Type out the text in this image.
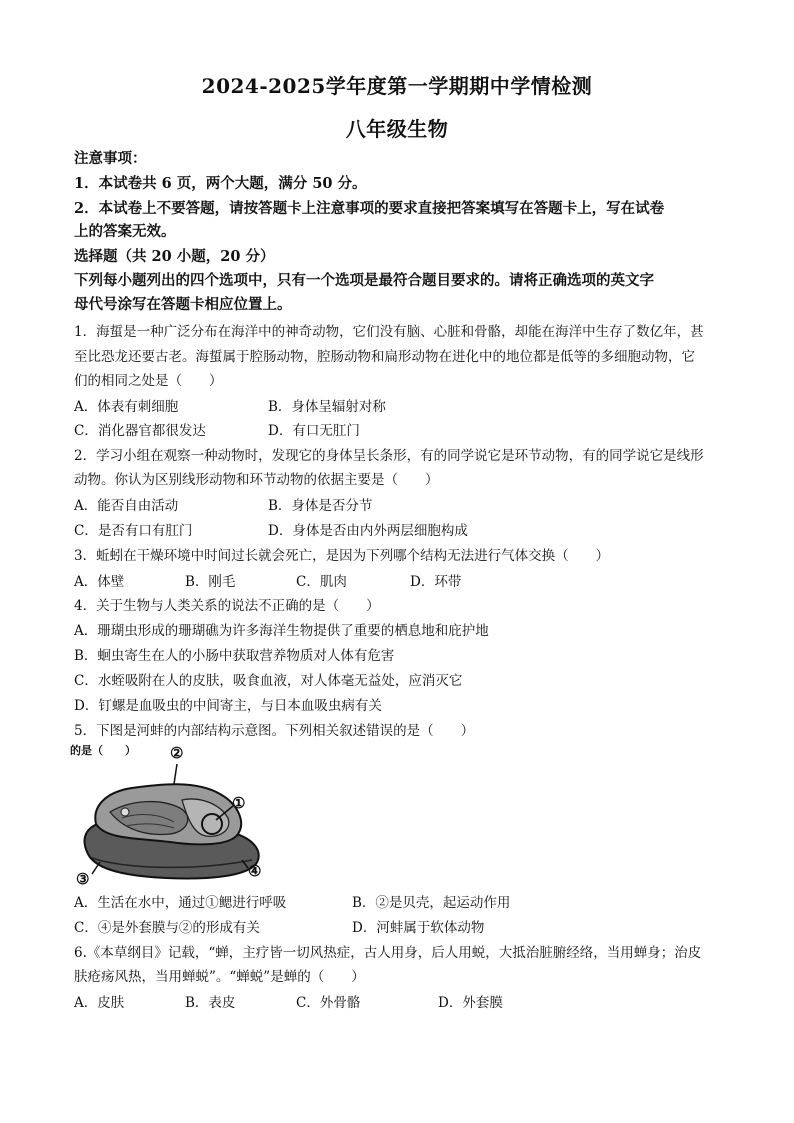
2024-2025学年度第一学期期中学情检测
八年级生物
注意事项：
1．本试卷共 6 页，两个大题，满分 50 分。
2．本试卷上不要答题，请按答题卡上注意事项的要求直接把答案填写在答题卡上，写在试卷
上的答案无效。
选择题（共 20 小题，20 分）
下列每小题列出的四个选项中，只有一个选项是最符合题目要求的。请将正确选项的英文字
母代号涂写在答题卡相应位置上。
1．海蜇是一种广泛分布在海洋中的神奇动物，它们没有脑、心脏和骨骼，却能在海洋中生存了数亿年，甚
至比恐龙还要古老。海蜇属于腔肠动物，腔肠动物和扁形动物在进化中的地位都是低等的多细胞动物，它
们的相同之处是（　　）
A．体表有刺细胞	B．身体呈辐射对称
C．消化器官都很发达	D．有口无肛门
2．学习小组在观察一种动物时，发现它的身体呈长条形，有的同学说它是环节动物，有的同学说它是线形
动物。你认为区别线形动物和环节动物的依据主要是（　　）
A．能否自由活动	B．身体是否分节
C．是否有口有肛门	D．身体是否由内外两层细胞构成
3．蚯蚓在干燥环境中时间过长就会死亡，是因为下列哪个结构无法进行气体交换（　　）
A．体壁	B．刚毛	C．肌肉	D．环带
4．关于生物与人类关系的说法不正确的是（　　）
A．珊瑚虫形成的珊瑚礁为许多海洋生物提供了重要的栖息地和庇护地
B．蛔虫寄生在人的小肠中获取营养物质对人体有危害
C．水蛭吸附在人的皮肤，吸食血液，对人体毫无益处，应消灭它
D．钉螺是血吸虫的中间寄主，与日本血吸虫病有关
5．下图是河蚌的内部结构示意图。下列相关叙述错误的是（　　）
的是（　　） ②
①
③	④
A．生活在水中，通过①鳃进行呼吸	B．②是贝壳，起运动作用
C．④是外套膜与②的形成有关	D．河蚌属于软体动物
6.《本草纲目》记载，“蝉，主疗皆一切风热症，古人用身，后人用蜕，大抵治脏腑经络，当用蝉身；治皮
肤疮疡风热，当用蝉蜕”。“蝉蜕”是蝉的（　　）
A．皮肤	B．表皮	C．外骨骼	D．外套膜
